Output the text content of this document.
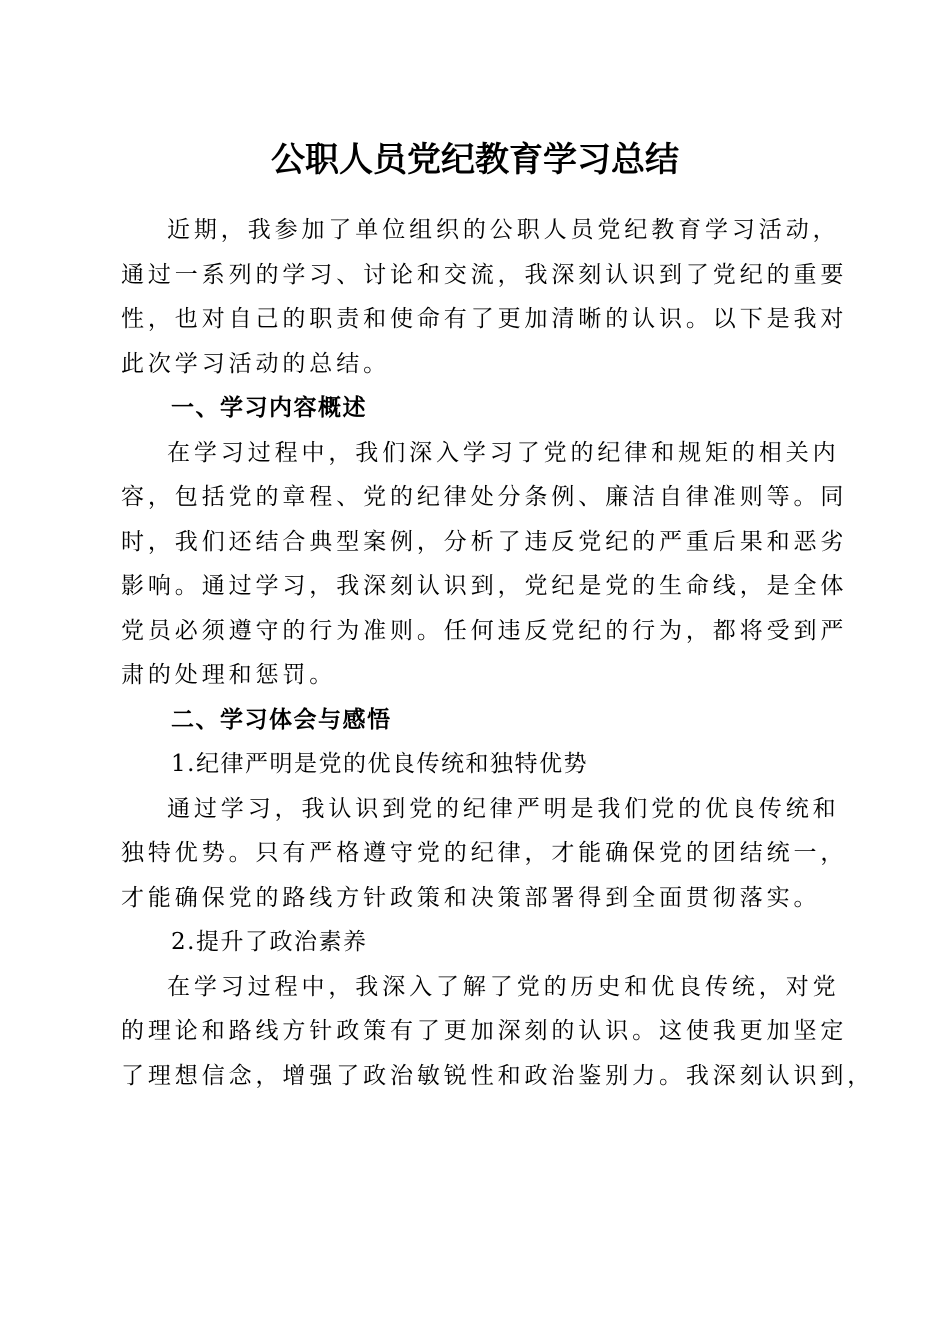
公职人员党纪教育学习总结

近期，我参加了单位组织的公职人员党纪教育学习活动，
通过一系列的学习、讨论和交流，我深刻认识到了党纪的重要
性，也对自己的职责和使命有了更加清晰的认识。以下是我对
此次学习活动的总结。

一、学习内容概述

在学习过程中，我们深入学习了党的纪律和规矩的相关内
容，包括党的章程、党的纪律处分条例、廉洁自律准则等。同
时，我们还结合典型案例，分析了违反党纪的严重后果和恶劣
影响。通过学习，我深刻认识到，党纪是党的生命线，是全体
党员必须遵守的行为准则。任何违反党纪的行为，都将受到严
肃的处理和惩罚。

二、学习体会与感悟
1.纪律严明是党的优良传统和独特优势

通过学习，我认识到党的纪律严明是我们党的优良传统和
独特优势。只有严格遵守党的纪律，才能确保党的团结统一，
才能确保党的路线方针政策和决策部署得到全面贯彻落实。

2.提升了政治素养

在学习过程中，我深入了解了党的历史和优良传统，对党
的理论和路线方针政策有了更加深刻的认识。这使我更加坚定
了理想信念，增强了政治敏锐性和政治鉴别力。我深刻认识到，
